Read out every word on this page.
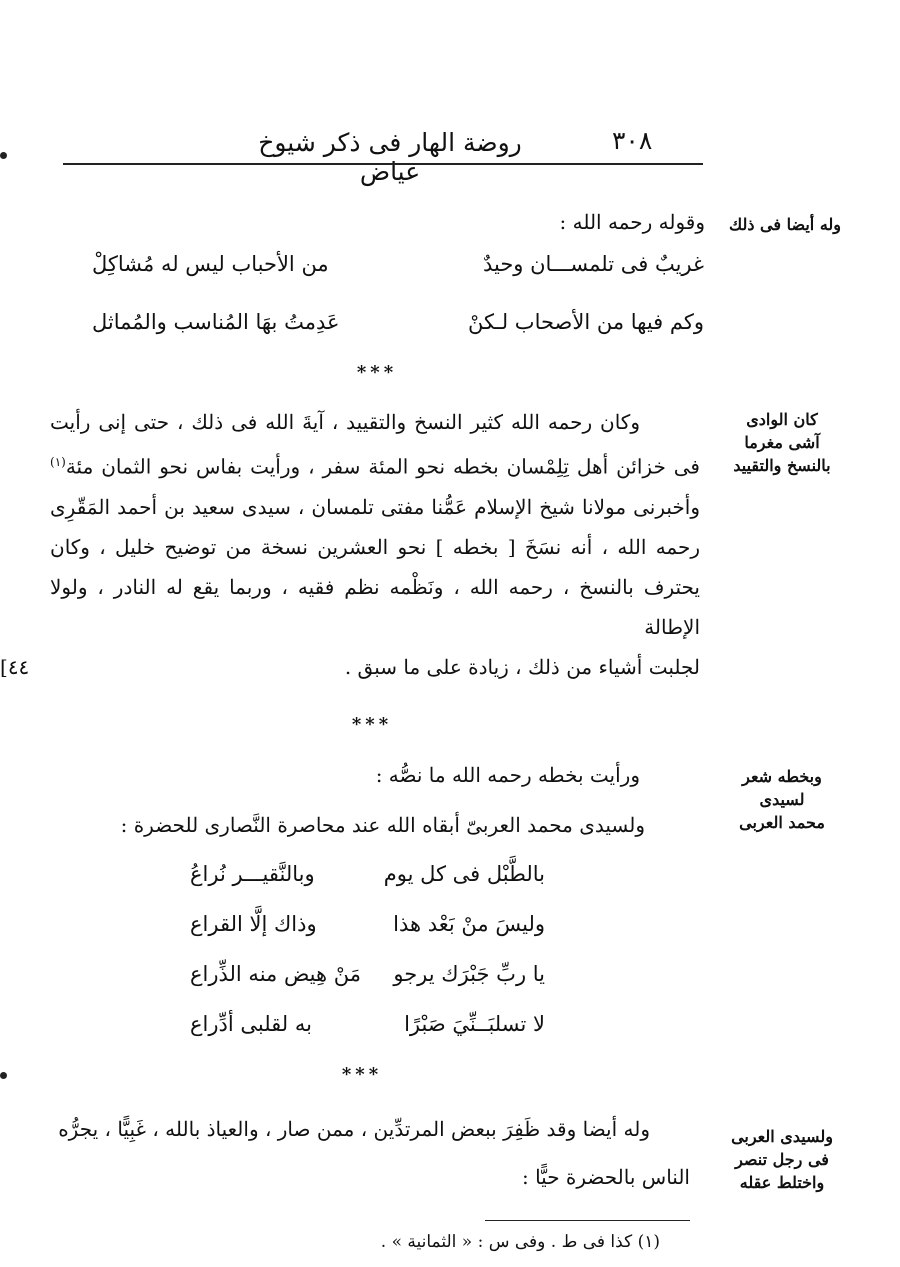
٣٠٨
روضة الهار فى ذكر شيوخ عياض
[٤٤
وله أيضا فى ذلك
وقوله رحمه الله :
غريبٌ فى تلمســـان وحيدٌ
من الأحباب ليس له مُشاكِلْ
وكم فيها من الأصحاب لـكنْ
عَدِمتُ بهَا المُناسب والمُماثل
***
كان الوادى
آشى مغرما
بالنسخ والتقييد
وكان رحمه الله كثير النسخ والتقييد ، آيةَ الله فى ذلك ، حتى إنى رأيت
فى خزائن أهل تِلِمْسان بخطه نحو المئة سفر ، ورأيت بفاس نحو الثمان مئة$^{(١)}$
وأخبرنى مولانا شيخ الإسلام عَمُّنا مفتى تلمسان ، سيدى سعيد بن أحمد المَقّرِى
رحمه الله ، أنه نسَخَ [ بخطه ] نحو العشرين نسخة من توضيح خليل ، وكان
يحترف بالنسخ ، رحمه الله ، ونَظْمه نظم فقيه ، وربما يقع له النادر ، ولولا الإطالة
لجلبت أشياء من ذلك ، زيادة على ما سبق .
***
وبخطه شعر
لسيدى
محمد العربى
ورأيت بخطه رحمه الله ما نصُّه :
ولسيدى محمد العربىّ أبقاه الله عند محاصرة النَّصارى للحضرة :
بالطَّبْل فى كل يوم
وبالنَّقيـــر نُراعُ
وليسَ منْ بَعْد هذا
وذاك إلَّا القراع
يا ربِّ جَبْرَك يرجو
مَنْ هِيض منه الذِّراع
لا تسلبَــنِّيَ صَبْرًا
به لقلبى أدِّراع
***
ولسيدى العربى
فى رجل تنصر
واختلط عقله
وله أيضا وقد ظَفِرَ ببعض المرتدِّين ، ممن صار ، والعياذ بالله ، غَبِيًّا ، يجرُّه
الناس بالحضرة حيًّا :
(١) كذا فى ط . وفى س : « الثمانية » .
